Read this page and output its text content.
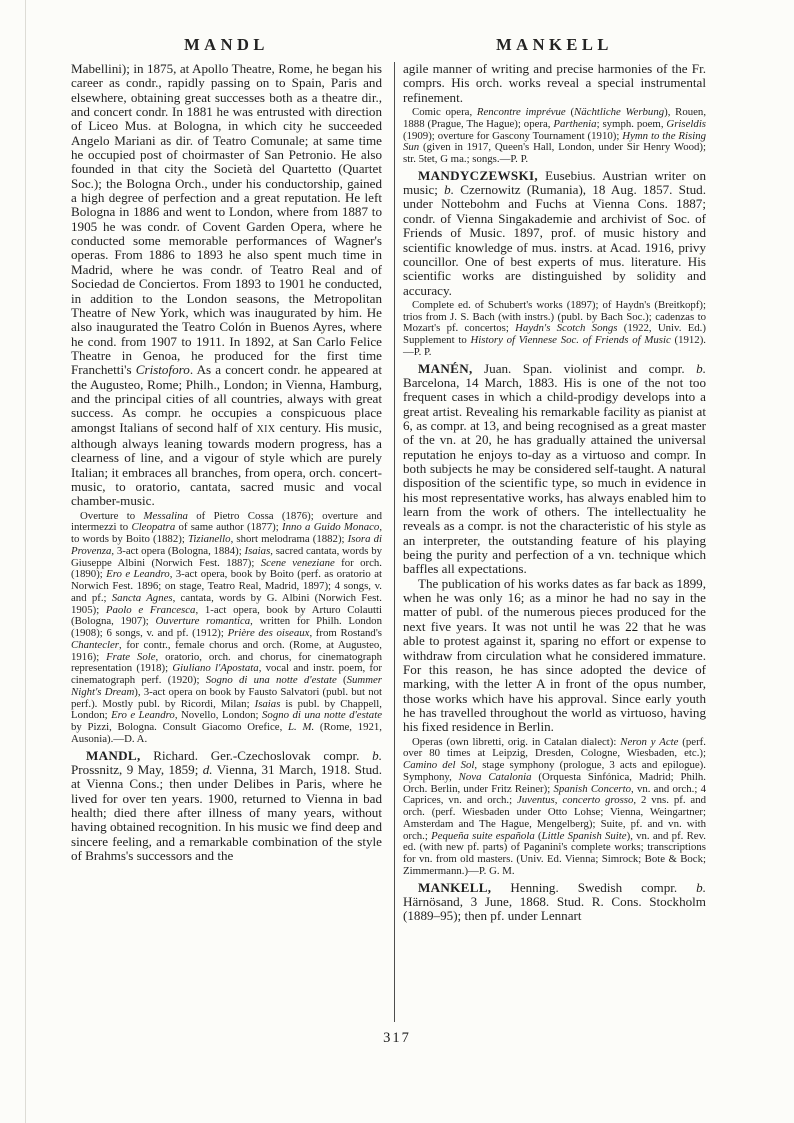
MANDL	MANKELL

Mabellini); in 1875, at Apollo Theatre, Rome, he began his career as condr., rapidly passing on to Spain, Paris and elsewhere, obtaining great successes both as a theatre dir., and concert condr. In 1881 he was entrusted with direction of Liceo Mus. at Bologna, in which city he succeeded Angelo Mariani as dir. of Teatro Comunale; at same time he occupied post of choirmaster of San Petronio. He also founded in that city the Società del Quartetto (Quartet Soc.); the Bologna Orch., under his conductorship, gained a high degree of perfection and a great reputation. He left Bologna in 1886 and went to London, where from 1887 to 1905 he was condr. of Covent Garden Opera, where he conducted some memorable performances of Wagner's operas. From 1886 to 1893 he also spent much time in Madrid, where he was condr. of Teatro Real and of Sociedad de Conciertos. From 1893 to 1901 he conducted, in addition to the London seasons, the Metropolitan Theatre of New York, which was inaugurated by him. He also inaugurated the Teatro Colón in Buenos Ayres, where he cond. from 1907 to 1911. In 1892, at San Carlo Felice Theatre in Genoa, he produced for the first time Franchetti's Cristoforo. As a concert condr. he appeared at the Augusteo, Rome; Philh., London; in Vienna, Hamburg, and the principal cities of all countries, always with great success. As compr. he occupies a conspicuous place amongst Italians of second half of XIX century. His music, although always leaning towards modern progress, has a clearness of line, and a vigour of style which are purely Italian; it embraces all branches, from opera, orch. concert-music, to oratorio, cantata, sacred music and vocal chamber-music.

Overture to Messalina of Pietro Cossa (1876); overture and intermezzi to Cleopatra of same author (1877); Inno a Guido Monaco, to words by Boito (1882); Tizianello, short melodrama (1882); Isora di Provenza, 3-act opera (Bologna, 1884); Isaias, sacred cantata, words by Giuseppe Albini (Norwich Fest. 1887); Scene veneziane for orch. (1890); Ero e Leandro, 3-act opera, book by Boito (perf. as oratorio at Norwich Fest. 1896; on stage, Teatro Real, Madrid, 1897); 4 songs, v. and pf.; Sancta Agnes, cantata, words by G. Albini (Norwich Fest. 1905); Paolo e Francesca, 1-act opera, book by Arturo Colautti (Bologna, 1907); Ouverture romantica, written for Philh. London (1908); 6 songs, v. and pf. (1912); Prière des oiseaux, from Rostand's Chantecler, for contr., female chorus and orch. (Rome, at Augusteo, 1916); Frate Sole, oratorio, orch. and chorus, for cinematograph representation (1918); Giuliano l'Apostata, vocal and instr. poem, for cinematograph perf. (1920); Sogno di una notte d'estate (Summer Night's Dream), 3-act opera on book by Fausto Salvatori (publ. but not perf.). Mostly publ. by Ricordi, Milan; Isaias is publ. by Chappell, London; Ero e Leandro, Novello, London; Sogno di una notte d'estate by Pizzi, Bologna. Consult Giacomo Orefice, L. M. (Rome, 1921, Ausonia).—D. A.

MANDL, Richard. Ger.-Czechoslovak compr. b. Prossnitz, 9 May, 1859; d. Vienna, 31 March, 1918. Stud. at Vienna Cons.; then under Delibes in Paris, where he lived for over ten years. 1900, returned to Vienna in bad health; died there after illness of many years, without having obtained recognition. In his music we find deep and sincere feeling, and a remarkable combination of the style of Brahms's successors and the

agile manner of writing and precise harmonies of the Fr. comprs. His orch. works reveal a special instrumental refinement.

Comic opera, Rencontre imprévue (Nächtliche Werbung), Rouen, 1888 (Prague, The Hague); opera, Parthenia; symph. poem, Griseldis (1909); overture for Gascony Tournament (1910); Hymn to the Rising Sun (given in 1917, Queen's Hall, London, under Sir Henry Wood); str. 5tet, G ma.; songs.—P. P.

MANDYCZEWSKI, Eusebius. Austrian writer on music; b. Czernowitz (Rumania), 18 Aug. 1857. Stud. under Nottebohm and Fuchs at Vienna Cons. 1887; condr. of Vienna Singakademie and archivist of Soc. of Friends of Music. 1897, prof. of music history and scientific knowledge of mus. instrs. at Acad. 1916, privy councillor. One of best experts of mus. literature. His scientific works are distinguished by solidity and accuracy.

Complete ed. of Schubert's works (1897); of Haydn's (Breitkopf); trios from J. S. Bach (with instrs.) (publ. by Bach Soc.); cadenzas to Mozart's pf. concertos; Haydn's Scotch Songs (1922, Univ. Ed.) Supplement to History of Viennese Soc. of Friends of Music (1912).—P. P.

MANÉN, Juan. Span. violinist and compr. b. Barcelona, 14 March, 1883. His is one of the not too frequent cases in which a child-prodigy develops into a great artist. Revealing his remarkable facility as pianist at 6, as compr. at 13, and being recognised as a great master of the vn. at 20, he has gradually attained the universal reputation he enjoys to-day as a virtuoso and compr. In both subjects he may be considered self-taught. A natural disposition of the scientific type, so much in evidence in his most representative works, has always enabled him to learn from the work of others. The intellectuality he reveals as a compr. is not the characteristic of his style as an interpreter, the outstanding feature of his playing being the purity and perfection of a vn. technique which baffles all expectations.

The publication of his works dates as far back as 1899, when he was only 16; as a minor he had no say in the matter of publ. of the numerous pieces produced for the next five years. It was not until he was 22 that he was able to protest against it, sparing no effort or expense to withdraw from circulation what he considered immature. For this reason, he has since adopted the device of marking, with the letter A in front of the opus number, those works which have his approval. Since early youth he has travelled throughout the world as virtuoso, having his fixed residence in Berlin.

Operas (own libretti, orig. in Catalan dialect): Neron y Acte (perf. over 80 times at Leipzig, Dresden, Cologne, Wiesbaden, etc.); Camino del Sol, stage symphony (prologue, 3 acts and epilogue). Symphony, Nova Catalonia (Orquesta Sinfónica, Madrid; Philh. Orch. Berlin, under Fritz Reiner); Spanish Concerto, vn. and orch.; 4 Caprices, vn. and orch.; Juventus, concerto grosso, 2 vns. pf. and orch. (perf. Wiesbaden under Otto Lohse; Vienna, Weingartner; Amsterdam and The Hague, Mengelberg); Suite, pf. and vn. with orch.; Pequeña suite española (Little Spanish Suite), vn. and pf. Rev. ed. (with new pf. parts) of Paganini's complete works; transcriptions for vn. from old masters. (Univ. Ed. Vienna; Simrock; Bote & Bock; Zimmermann.)—P. G. M.

MANKELL, Henning. Swedish compr. b. Härnösand, 3 June, 1868. Stud. R. Cons. Stockholm (1889–95); then pf. under Lennart

317
